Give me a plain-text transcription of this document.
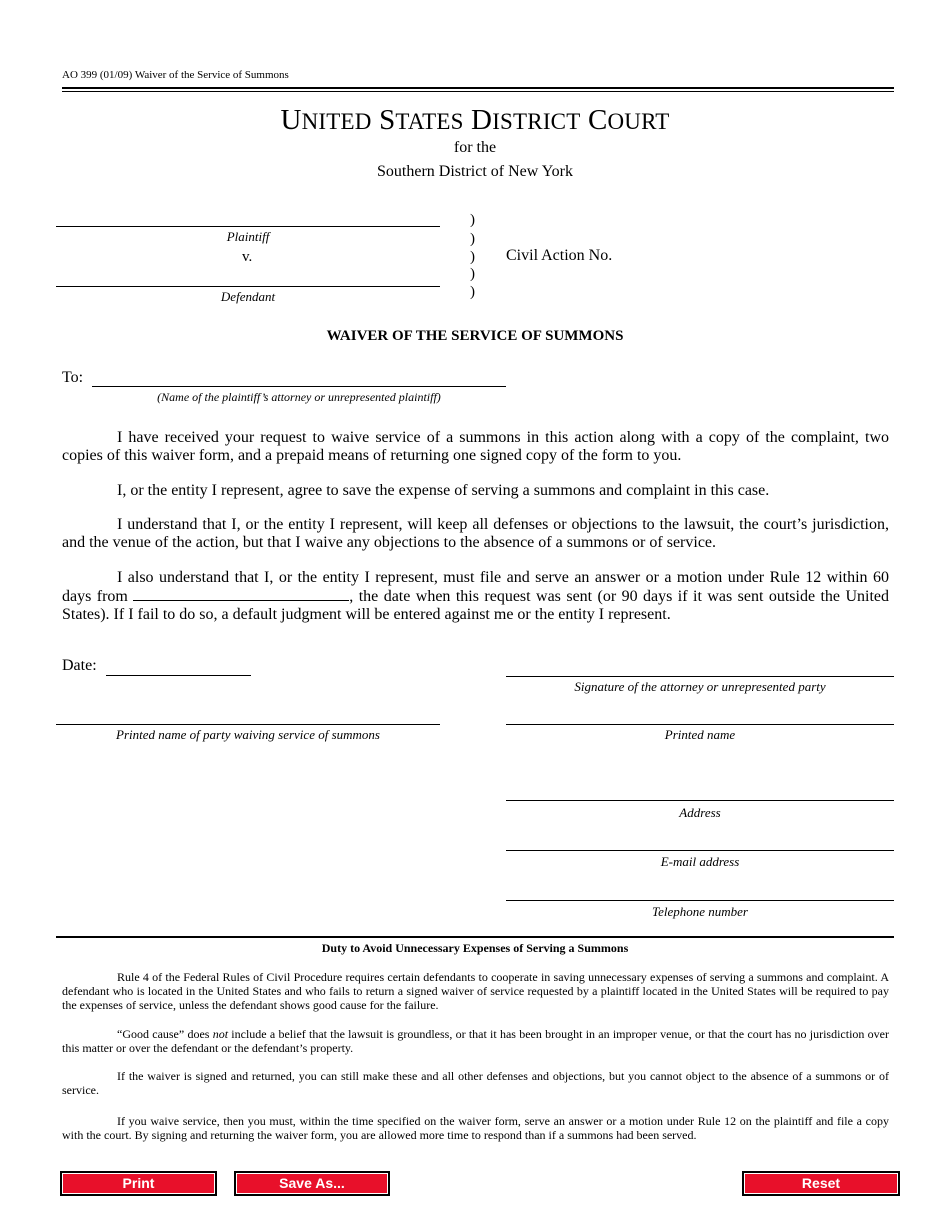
AO 399 (01/09) Waiver of the Service of Summons
UNITED STATES DISTRICT COURT
for the
Southern District of New York
Plaintiff
v.
Defendant
)
)
)
)
)
Civil Action No.
WAIVER OF THE SERVICE OF SUMMONS
To:
(Name of the plaintiff’s attorney or unrepresented plaintiff)
I have received your request to waive service of a summons in this action along with a copy of the complaint, two copies of this waiver form, and a prepaid means of returning one signed copy of the form to you.
I, or the entity I represent, agree to save the expense of serving a summons and complaint in this case.
I understand that I, or the entity I represent, will keep all defenses or objections to the lawsuit, the court’s jurisdiction, and the venue of the action, but that I waive any objections to the absence of a summons or of service.
I also understand that I, or the entity I represent, must file and serve an answer or a motion under Rule 12 within 60 days from	, the date when this request was sent (or 90 days if it was sent outside the United States). If I fail to do so, a default judgment will be entered against me or the entity I represent.
Date:
Signature of the attorney or unrepresented party
Printed name of party waiving service of summons	Printed name
Address
E-mail address
Telephone number
Duty to Avoid Unnecessary Expenses of Serving a Summons
Rule 4 of the Federal Rules of Civil Procedure requires certain defendants to cooperate in saving unnecessary expenses of serving a summons and complaint. A defendant who is located in the United States and who fails to return a signed waiver of service requested by a plaintiff located in the United States will be required to pay the expenses of service, unless the defendant shows good cause for the failure.
“Good cause” does not include a belief that the lawsuit is groundless, or that it has been brought in an improper venue, or that the court has no jurisdiction over this matter or over the defendant or the defendant’s property.
If the waiver is signed and returned, you can still make these and all other defenses and objections, but you cannot object to the absence of a summons or of service.
If you waive service, then you must, within the time specified on the waiver form, serve an answer or a motion under Rule 12 on the plaintiff and file a copy with the court. By signing and returning the waiver form, you are allowed more time to respond than if a summons had been served.
Print	Save As...	Reset
